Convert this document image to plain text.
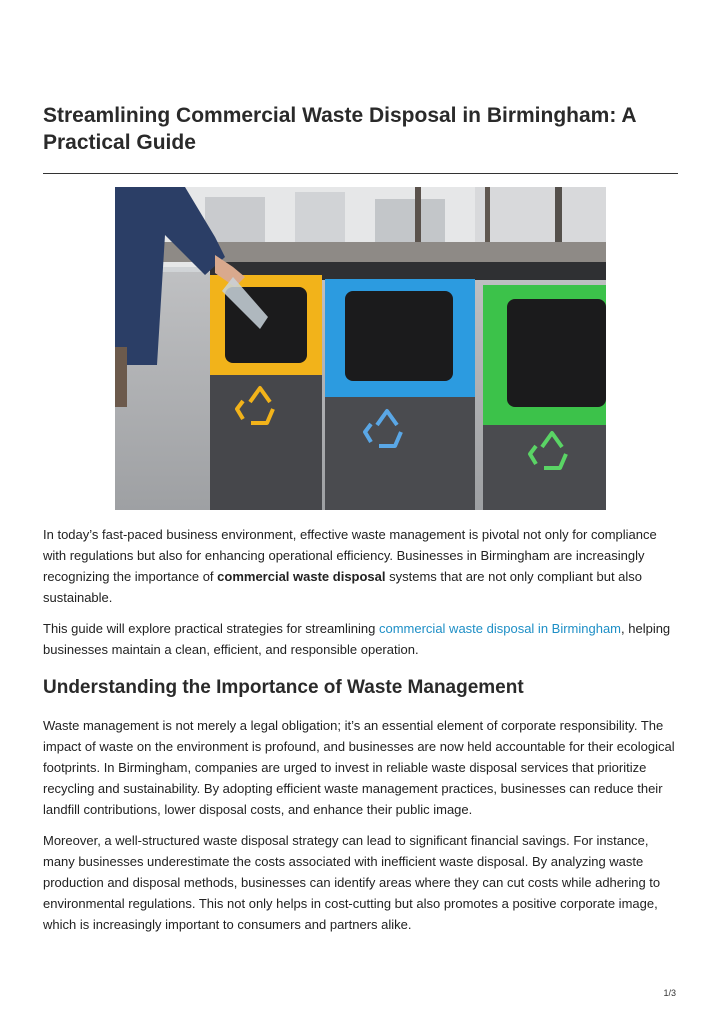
Streamlining Commercial Waste Disposal in Birmingham: A Practical Guide

In today’s fast-paced business environment, effective waste management is pivotal not only for compliance with regulations but also for enhancing operational efficiency. Businesses in Birmingham are increasingly recognizing the importance of commercial waste disposal systems that are not only compliant but also sustainable.

This guide will explore practical strategies for streamlining commercial waste disposal in Birmingham, helping businesses maintain a clean, efficient, and responsible operation.

Understanding the Importance of Waste Management

Waste management is not merely a legal obligation; it’s an essential element of corporate responsibility. The impact of waste on the environment is profound, and businesses are now held accountable for their ecological footprints. In Birmingham, companies are urged to invest in reliable waste disposal services that prioritize recycling and sustainability. By adopting efficient waste management practices, businesses can reduce their landfill contributions, lower disposal costs, and enhance their public image.

Moreover, a well-structured waste disposal strategy can lead to significant financial savings. For instance, many businesses underestimate the costs associated with inefficient waste disposal. By analyzing waste production and disposal methods, businesses can identify areas where they can cut costs while adhering to environmental regulations. This not only helps in cost-cutting but also promotes a positive corporate image, which is increasingly important to consumers and partners alike.

1/3
